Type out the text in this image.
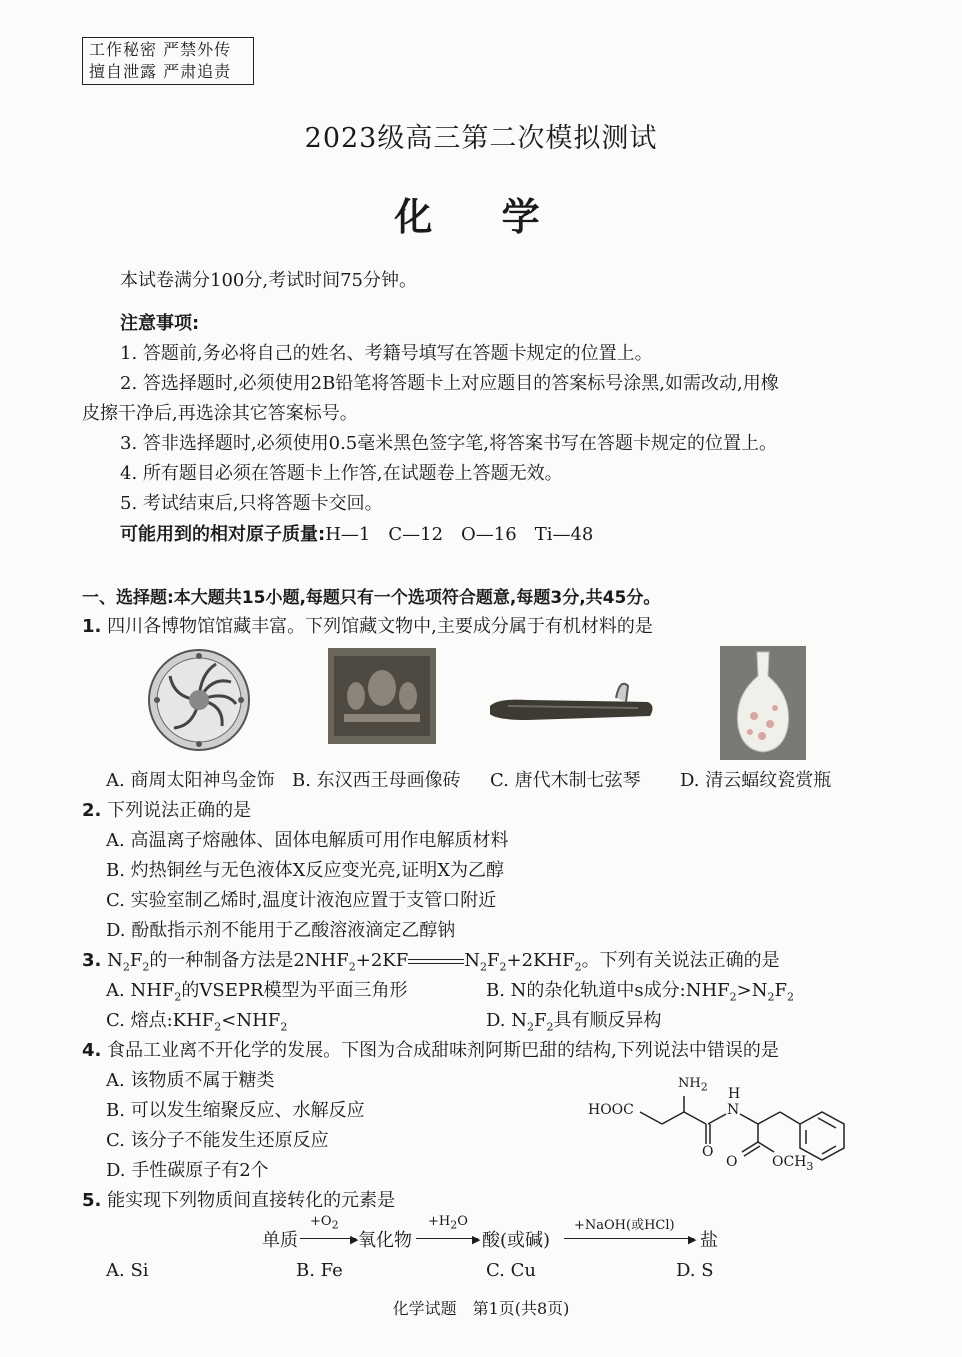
工作秘密 严禁外传
擅自泄露 严肃追责
2023级高三第二次模拟测试
化 学
本试卷满分100分,考试时间75分钟。
注意事项:
1. 答题前,务必将自己的姓名、考籍号填写在答题卡规定的位置上。
2. 答选择题时,必须使用2B铅笔将答题卡上对应题目的答案标号涂黑,如需改动,用橡
皮擦干净后,再选涂其它答案标号。
3. 答非选择题时,必须使用0.5毫米黑色签字笔,将答案书写在答题卡规定的位置上。
4. 所有题目必须在答题卡上作答,在试题卷上答题无效。
5. 考试结束后,只将答题卡交回。
可能用到的相对原子质量:H—1　C—12　O—16　Ti—48
一、选择题:本大题共15小题,每题只有一个选项符合题意,每题3分,共45分。
1. 四川各博物馆馆藏丰富。下列馆藏文物中,主要成分属于有机材料的是
A. 商周太阳神鸟金饰 B. 东汉西王母画像砖 C. 唐代木制七弦琴 D. 清云蝠纹瓷赏瓶
2. 下列说法正确的是
A. 高温离子熔融体、固体电解质可用作电解质材料
B. 灼热铜丝与无色液体X反应变光亮,证明X为乙醇
C. 实验室制乙烯时,温度计液泡应置于支管口附近
D. 酚酞指示剂不能用于乙酸溶液滴定乙醇钠
3. $N_2F_2$的一种制备方法是$2NHF_2+2KF$	$N_2F_2+2KHF_2$。下列有关说法正确的是
A. $NHF_2$的VSEPR模型为平面三角形	B. N的杂化轨道中s成分$:NHF_2>N_2F_2$
C. 熔点$:KHF_2<NHF_2$	D. $N_2F_2$具有顺反异构
4. 食品工业离不开化学的发展。下图为合成甜味剂阿斯巴甜的结构,下列说法中错误的是
A. 该物质不属于糖类
B. 可以发生缩聚反应、水解反应
C. 该分子不能发生还原反应
D. 手性碳原子有2个
$NH_2$ H
N
HOOC
O
O $OCH_3$
5. 能实现下列物质间直接转化的元素是
单质
$+O_2$
▶ 氧化物
$+H_2O$
▶ 酸(或碱)
+NaOH(或HCl)
▶ 盐
A. Si	B. Fe	C. Cu	D. S
化学试题　第1页(共8页)
